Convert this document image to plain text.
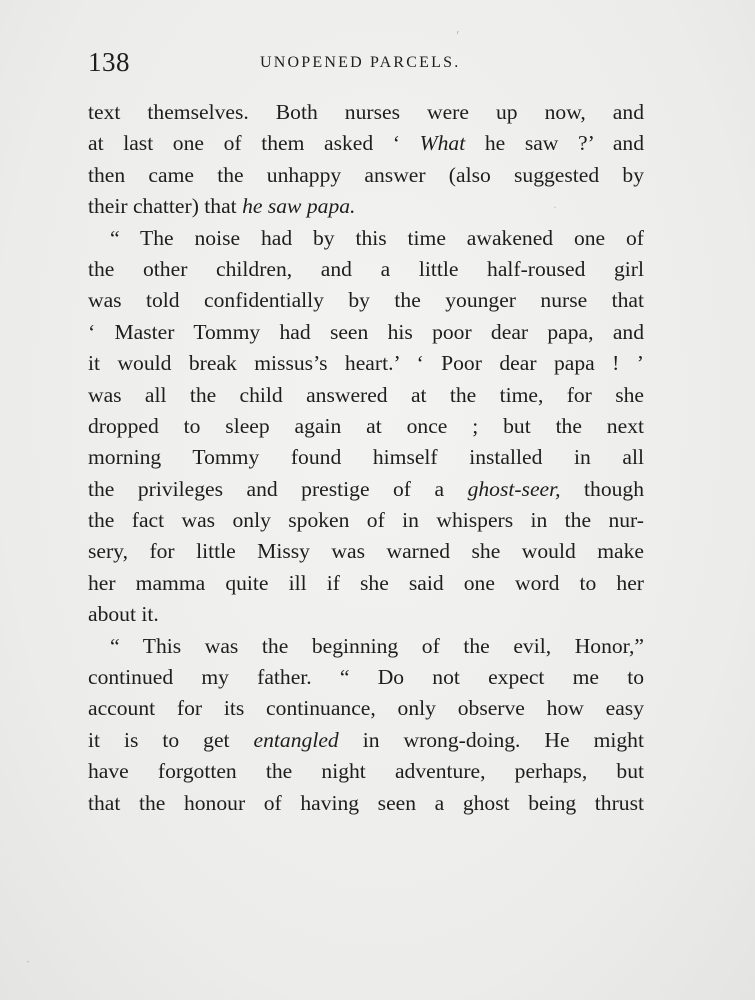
138	UNOPENED PARCELS.
text themselves. Both nurses were up now, and
at last one of them asked ‘ What he saw ?’ and
then came the unhappy answer (also suggested by
their chatter) that he saw papa.
“ The noise had by this time awakened one of
the other children, and a little half-roused girl
was told confidentially by the younger nurse that
‘ Master Tommy had seen his poor dear papa, and
it would break missus’s heart.’ ‘ Poor dear papa ! ’
was all the child answered at the time, for she
dropped to sleep again at once ; but the next
morning Tommy found himself installed in all
the privileges and prestige of a ghost-seer, though
the fact was only spoken of in whispers in the nur-
sery, for little Missy was warned she would make
her mamma quite ill if she said one word to her
about it.
“ This was the beginning of the evil, Honor,”
continued my father. “ Do not expect me to
account for its continuance, only observe how easy
it is to get entangled in wrong-doing. He might
have forgotten the night adventure, perhaps, but
that the honour of having seen a ghost being thrust
ʹ
˙
·
